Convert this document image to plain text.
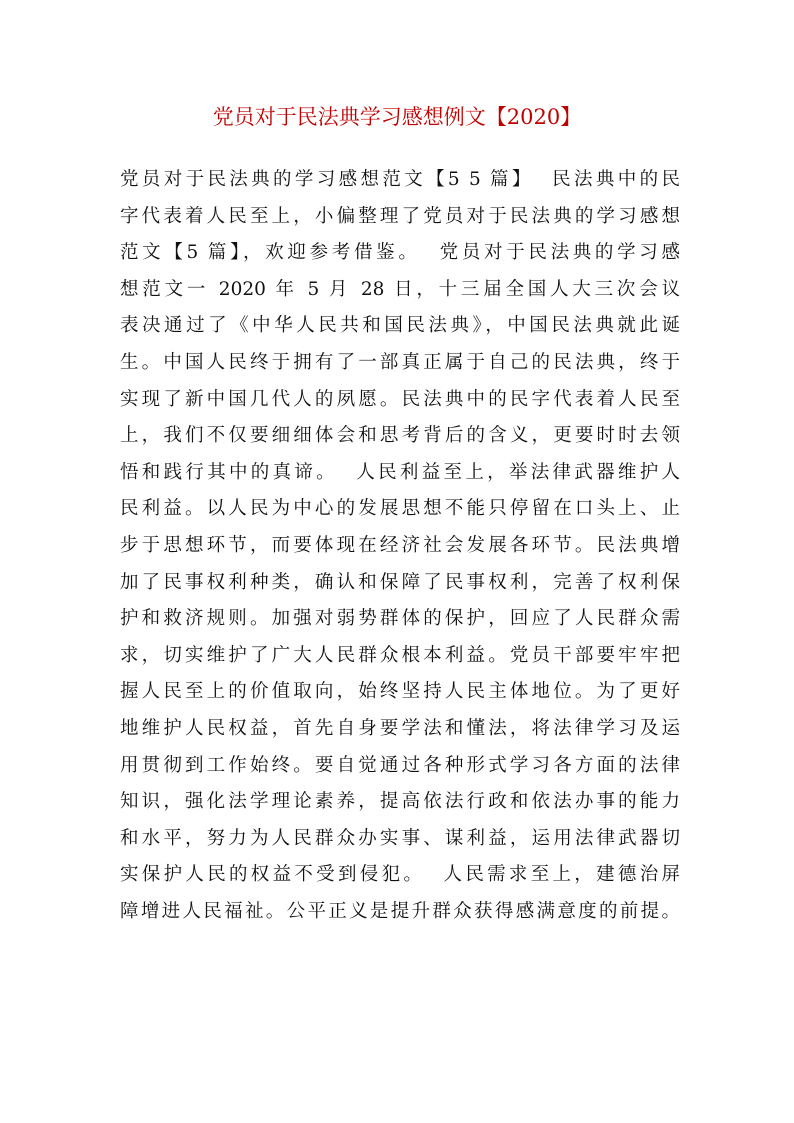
党员对于民法典学习感想例文【2020】
党员对于民法典的学习感想范文【5 5 篇】  民法典中的民
字代表着人民至上，小偏整理了党员对于民法典的学习感想
范文【5 篇】，欢迎参考借鉴。  党员对于民法典的学习感
想范文一 2020 年 5 月 28 日，十三届全国人大三次会议
表决通过了《中华人民共和国民法典》，中国民法典就此诞
生。中国人民终于拥有了一部真正属于自己的民法典，终于
实现了新中国几代人的夙愿。民法典中的民字代表着人民至
上，我们不仅要细细体会和思考背后的含义，更要时时去领
悟和践行其中的真谛。  人民利益至上，举法律武器维护人
民利益。以人民为中心的发展思想不能只停留在口头上、止
步于思想环节，而要体现在经济社会发展各环节。民法典增
加了民事权利种类，确认和保障了民事权利，完善了权利保
护和救济规则。加强对弱势群体的保护，回应了人民群众需
求，切实维护了广大人民群众根本利益。党员干部要牢牢把
握人民至上的价值取向，始终坚持人民主体地位。为了更好
地维护人民权益，首先自身要学法和懂法，将法律学习及运
用贯彻到工作始终。要自觉通过各种形式学习各方面的法律
知识，强化法学理论素养，提高依法行政和依法办事的能力
和水平，努力为人民群众办实事、谋利益，运用法律武器切
实保护人民的权益不受到侵犯。  人民需求至上，建德治屏
障增进人民福祉。公平正义是提升群众获得感满意度的前提。
